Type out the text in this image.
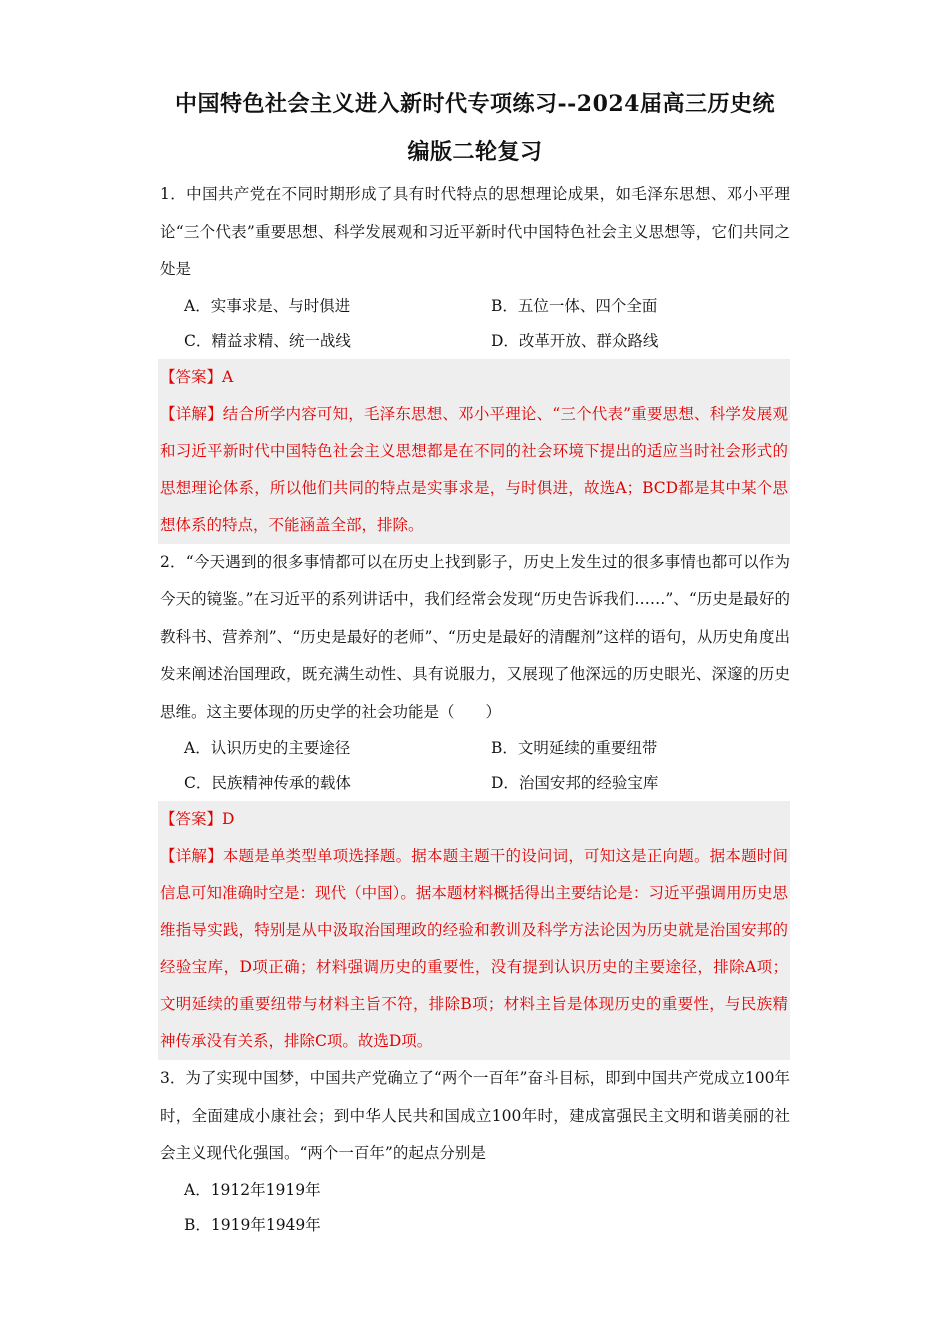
中国特色社会主义进入新时代专项练习--2024届高三历史统
编版二轮复习

1．中国共产党在不同时期形成了具有时代特点的思想理论成果，如毛泽东思想、邓小平理论“三个代表”重要思想、科学发展观和习近平新时代中国特色社会主义思想等，它们共同之处是

A．实事求是、与时俱进	B．五位一体、四个全面
C．精益求精、统一战线	D．改革开放、群众路线
【答案】A
【详解】结合所学内容可知，毛泽东思想、邓小平理论、“三个代表”重要思想、科学发展观和习近平新时代中国特色社会主义思想都是在不同的社会环境下提出的适应当时社会形式的思想理论体系，所以他们共同的特点是实事求是，与时俱进，故选A；BCD都是其中某个思想体系的特点，不能涵盖全部，排除。

2．“今天遇到的很多事情都可以在历史上找到影子，历史上发生过的很多事情也都可以作为今天的镜鉴。”在习近平的系列讲话中，我们经常会发现“历史告诉我们……”、“历史是最好的教科书、营养剂”、“历史是最好的老师”、“历史是最好的清醒剂”这样的语句，从历史角度出发来阐述治国理政，既充满生动性、具有说服力，又展现了他深远的历史眼光、深邃的历史思维。这主要体现的历史学的社会功能是（　　）

A．认识历史的主要途径	B．文明延续的重要纽带
C．民族精神传承的载体	D．治国安邦的经验宝库
【答案】D
【详解】本题是单类型单项选择题。据本题主题干的设问词，可知这是正向题。据本题时间信息可知准确时空是：现代（中国）。据本题材料概括得出主要结论是：习近平强调用历史思维指导实践，特别是从中汲取治国理政的经验和教训及科学方法论因为历史就是治国安邦的经验宝库，D项正确；材料强调历史的重要性，没有提到认识历史的主要途径，排除A项；文明延续的重要纽带与材料主旨不符，排除B项；材料主旨是体现历史的重要性，与民族精神传承没有关系，排除C项。故选D项。

3．为了实现中国梦，中国共产党确立了“两个一百年”奋斗目标，即到中国共产党成立100年时，全面建成小康社会；到中华人民共和国成立100年时，建成富强民主文明和谐美丽的社会主义现代化强国。“两个一百年”的起点分别是

A．1912年1919年
B．1919年1949年
